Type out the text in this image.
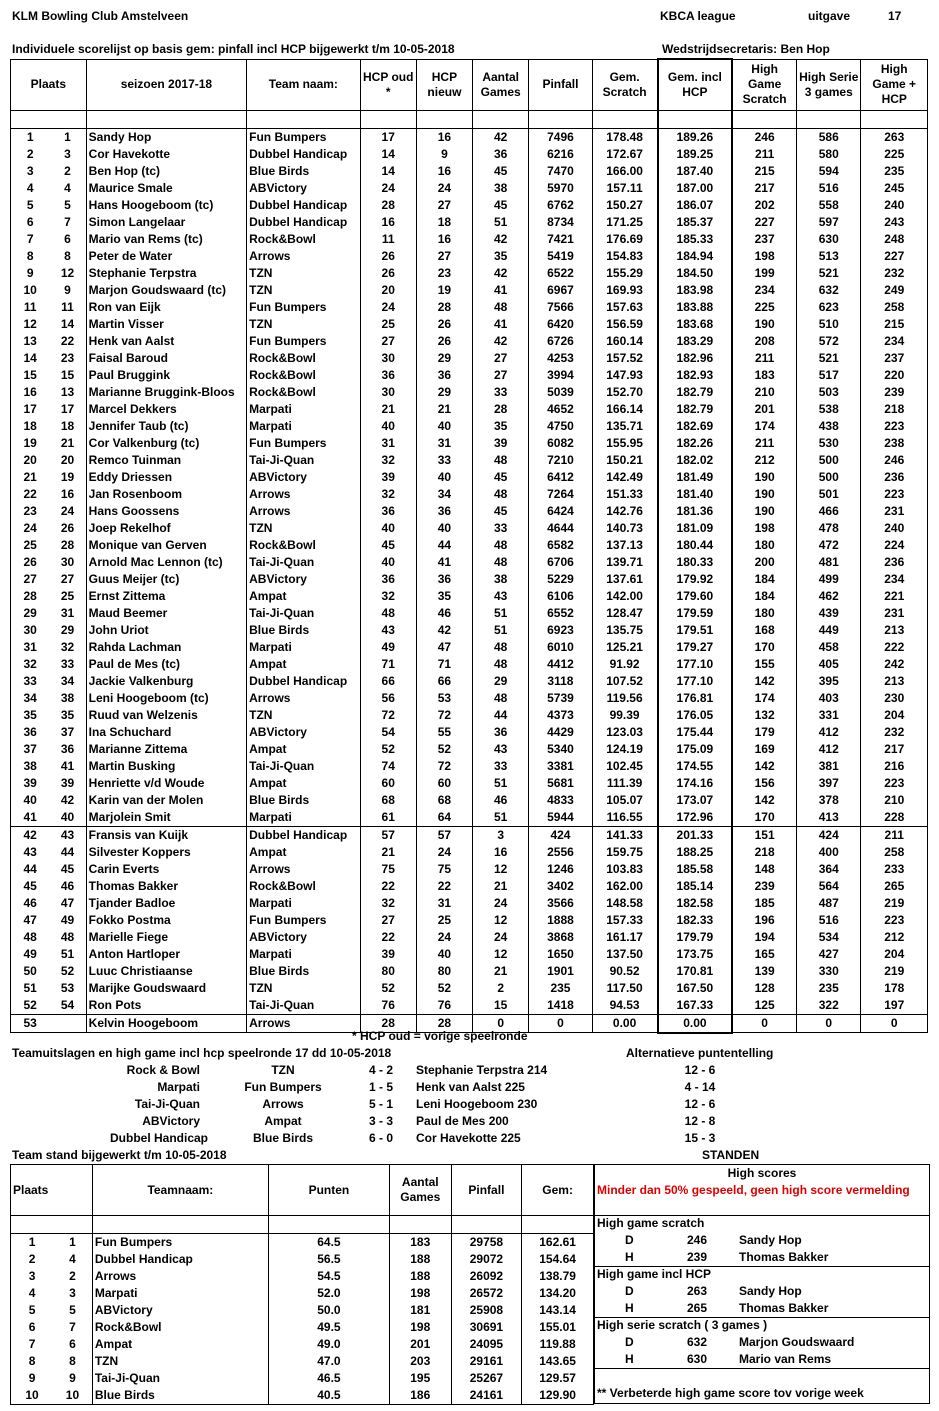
KLM Bowling Club Amstelveen	KBCA league	uitgave	17
Individuele scorelijst op basis gem: pinfall incl HCP bijgewerkt t/m 10-05-2018	Wedstrijdsecretaris: Ben Hop
Plaats		seizoen 2017-18	Team naam:	HCP oud *	HCP nieuw	Aantal Games	Pinfall	Gem. Scratch	Gem. incl HCP	High Game Scratch	High Serie 3 games	High Game + HCP

1	1	Sandy Hop	Fun Bumpers	17	16	42	7496	178.48	189.26	246	586	263
2	3	Cor Havekotte	Dubbel Handicap	14	9	36	6216	172.67	189.25	211	580	225
3	2	Ben Hop (tc)	Blue Birds	14	16	45	7470	166.00	187.40	215	594	235
4	4	Maurice Smale	ABVictory	24	24	38	5970	157.11	187.00	217	516	245
5	5	Hans Hoogeboom (tc)	Dubbel Handicap	28	27	45	6762	150.27	186.07	202	558	240
6	7	Simon Langelaar	Dubbel Handicap	16	18	51	8734	171.25	185.37	227	597	243
7	6	Mario van Rems (tc)	Rock&Bowl	11	16	42	7421	176.69	185.33	237	630	248
8	8	Peter de Water	Arrows	26	27	35	5419	154.83	184.94	198	513	227
9	12	Stephanie Terpstra	TZN	26	23	42	6522	155.29	184.50	199	521	232
10	9	Marjon Goudswaard (tc)	TZN	20	19	41	6967	169.93	183.98	234	632	249
11	11	Ron van Eijk	Fun Bumpers	24	28	48	7566	157.63	183.88	225	623	258
12	14	Martin Visser	TZN	25	26	41	6420	156.59	183.68	190	510	215
13	22	Henk van Aalst	Fun Bumpers	27	26	42	6726	160.14	183.29	208	572	234
14	23	Faisal Baroud	Rock&Bowl	30	29	27	4253	157.52	182.96	211	521	237
15	15	Paul Bruggink	Rock&Bowl	36	36	27	3994	147.93	182.93	183	517	220
16	13	Marianne Bruggink-Bloos	Rock&Bowl	30	29	33	5039	152.70	182.79	210	503	239
17	17	Marcel Dekkers	Marpati	21	21	28	4652	166.14	182.79	201	538	218
18	18	Jennifer Taub (tc)	Marpati	40	40	35	4750	135.71	182.69	174	438	223
19	21	Cor Valkenburg (tc)	Fun Bumpers	31	31	39	6082	155.95	182.26	211	530	238
20	20	Remco Tuinman	Tai-Ji-Quan	32	33	48	7210	150.21	182.02	212	500	246
21	19	Eddy Driessen	ABVictory	39	40	45	6412	142.49	181.49	190	500	236
22	16	Jan Rosenboom	Arrows	32	34	48	7264	151.33	181.40	190	501	223
23	24	Hans Goossens	Arrows	36	36	45	6424	142.76	181.36	190	466	231
24	26	Joep Rekelhof	TZN	40	40	33	4644	140.73	181.09	198	478	240
25	28	Monique van Gerven	Rock&Bowl	45	44	48	6582	137.13	180.44	180	472	224
26	30	Arnold Mac Lennon (tc)	Tai-Ji-Quan	40	41	48	6706	139.71	180.33	200	481	236
27	27	Guus Meijer (tc)	ABVictory	36	36	38	5229	137.61	179.92	184	499	234
28	25	Ernst Zittema	Ampat	32	35	43	6106	142.00	179.60	184	462	221
29	31	Maud Beemer	Tai-Ji-Quan	48	46	51	6552	128.47	179.59	180	439	231
30	29	John Uriot	Blue Birds	43	42	51	6923	135.75	179.51	168	449	213
31	32	Rahda Lachman	Marpati	49	47	48	6010	125.21	179.27	170	458	222
32	33	Paul de Mes (tc)	Ampat	71	71	48	4412	91.92	177.10	155	405	242
33	34	Jackie Valkenburg	Dubbel Handicap	66	66	29	3118	107.52	177.10	142	395	213
34	38	Leni Hoogeboom (tc)	Arrows	56	53	48	5739	119.56	176.81	174	403	230
35	35	Ruud van Welzenis	TZN	72	72	44	4373	99.39	176.05	132	331	204
36	37	Ina Schuchard	ABVictory	54	55	36	4429	123.03	175.44	179	412	232
37	36	Marianne Zittema	Ampat	52	52	43	5340	124.19	175.09	169	412	217
38	41	Martin Busking	Tai-Ji-Quan	74	72	33	3381	102.45	174.55	142	381	216
39	39	Henriette v/d Woude	Ampat	60	60	51	5681	111.39	174.16	156	397	223
40	42	Karin van der Molen	Blue Birds	68	68	46	4833	105.07	173.07	142	378	210
41	40	Marjolein Smit	Marpati	61	64	51	5944	116.55	172.96	170	413	228
42	43	Fransis van Kuijk	Dubbel Handicap	57	57	3	424	141.33	201.33	151	424	211
43	44	Silvester Koppers	Ampat	21	24	16	2556	159.75	188.25	218	400	258
44	45	Carin Everts	Arrows	75	75	12	1246	103.83	185.58	148	364	233
45	46	Thomas Bakker	Rock&Bowl	22	22	21	3402	162.00	185.14	239	564	265
46	47	Tjander Badloe	Marpati	32	31	24	3566	148.58	182.58	185	487	219
47	49	Fokko Postma	Fun Bumpers	27	25	12	1888	157.33	182.33	196	516	223
48	48	Marielle Fiege	ABVictory	22	24	24	3868	161.17	179.79	194	534	212
49	51	Anton Hartloper	Marpati	39	40	12	1650	137.50	173.75	165	427	204
50	52	Luuc Christiaanse	Blue Birds	80	80	21	1901	90.52	170.81	139	330	219
51	53	Marijke Goudswaard	TZN	52	52	2	235	117.50	167.50	128	235	178
52	54	Ron Pots	Tai-Ji-Quan	76	76	15	1418	94.53	167.33	125	322	197
53		Kelvin Hoogeboom	Arrows	28	28	0	0	0.00	0.00	0	0	0
* HCP oud = vorige speelronde
Teamuitslagen en high game incl hcp speelronde 17 dd 10-05-2018	Alternatieve puntentelling
Rock & Bowl	TZN	4 - 2	Stephanie Terpstra 214	12 - 6
Marpati	Fun Bumpers	1 - 5	Henk van Aalst 225	4 - 14
Tai-Ji-Quan	Arrows	5 - 1	Leni Hoogeboom 230	12 - 6
ABVictory	Ampat	3 - 3	Paul de Mes 200	12 - 8
Dubbel Handicap	Blue Birds	6 - 0	Cor Havekotte 225	15 - 3
Team stand bijgewerkt t/m 10-05-2018	STANDEN
Plaats		Teamnaam:	Punten	Aantal Games	Pinfall	Gem:

1	1	Fun Bumpers	64.5	183	29758	162.61
2	4	Dubbel Handicap	56.5	188	29072	154.64
3	2	Arrows	54.5	188	26092	138.79
4	3	Marpati	52.0	198	26572	134.20
5	5	ABVictory	50.0	181	25908	143.14
6	7	Rock&Bowl	49.5	198	30691	155.01
7	6	Ampat	49.0	201	24095	119.88
8	8	TZN	47.0	203	29161	143.65
9	9	Tai-Ji-Quan	46.5	195	25267	129.57
10	10	Blue Birds	40.5	186	24161	129.90
High scores
Minder dan 50% gespeeld, geen high score vermelding
High game scratch
D	246	Sandy Hop
H	239	Thomas Bakker
High game incl HCP
D	263	Sandy Hop
H	265	Thomas Bakker
High serie scratch ( 3 games )
D	632	Marjon Goudswaard
H	630	Mario van Rems
** Verbeterde high game score tov vorige week
